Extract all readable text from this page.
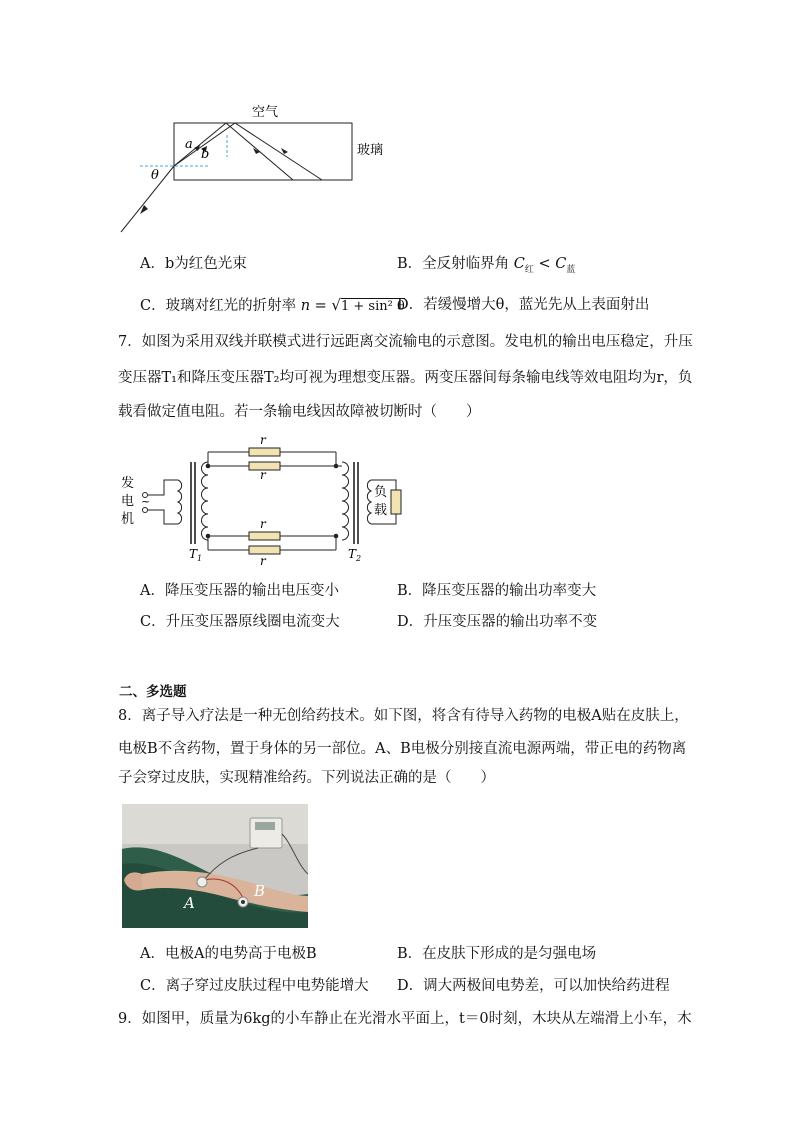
空气
玻璃
a
b
θ
A．b为红色光束	B．全反射临界角 $C_红 < C_蓝$
C．玻璃对红光的折射率 n = √1 + sin² θ
D．若缓慢增大θ，蓝光先从上表面射出
7．如图为采用双线并联模式进行远距离交流输电的示意图。发电机的输出电压稳定，升压
变压器T₁和降压变压器T₂均可视为理想变压器。两变压器间每条输电线等效电阻均为r，负
载看做定值电阻。若一条输电线因故障被切断时（　　）
发
电
机
~
$T_1$	$T_2$
负
载
r
r
r
r
A．降压变压器的输出电压变小	B．降压变压器的输出功率变大
C．升压变压器原线圈电流变大	D．升压变压器的输出功率不变
二、多选题
8．离子导入疗法是一种无创给药技术。如下图，将含有待导入药物的电极A贴在皮肤上，
电极B不含药物，置于身体的另一部位。A、B电极分别接直流电源两端，带正电的药物离
子会穿过皮肤，实现精准给药。下列说法正确的是（　　）
A
B
A．电极A的电势高于电极B	B．在皮肤下形成的是匀强电场
C．离子穿过皮肤过程中电势能增大 D．调大两极间电势差，可以加快给药进程
9．如图甲，质量为6kg的小车静止在光滑水平面上，t＝0时刻，木块从左端滑上小车，木
